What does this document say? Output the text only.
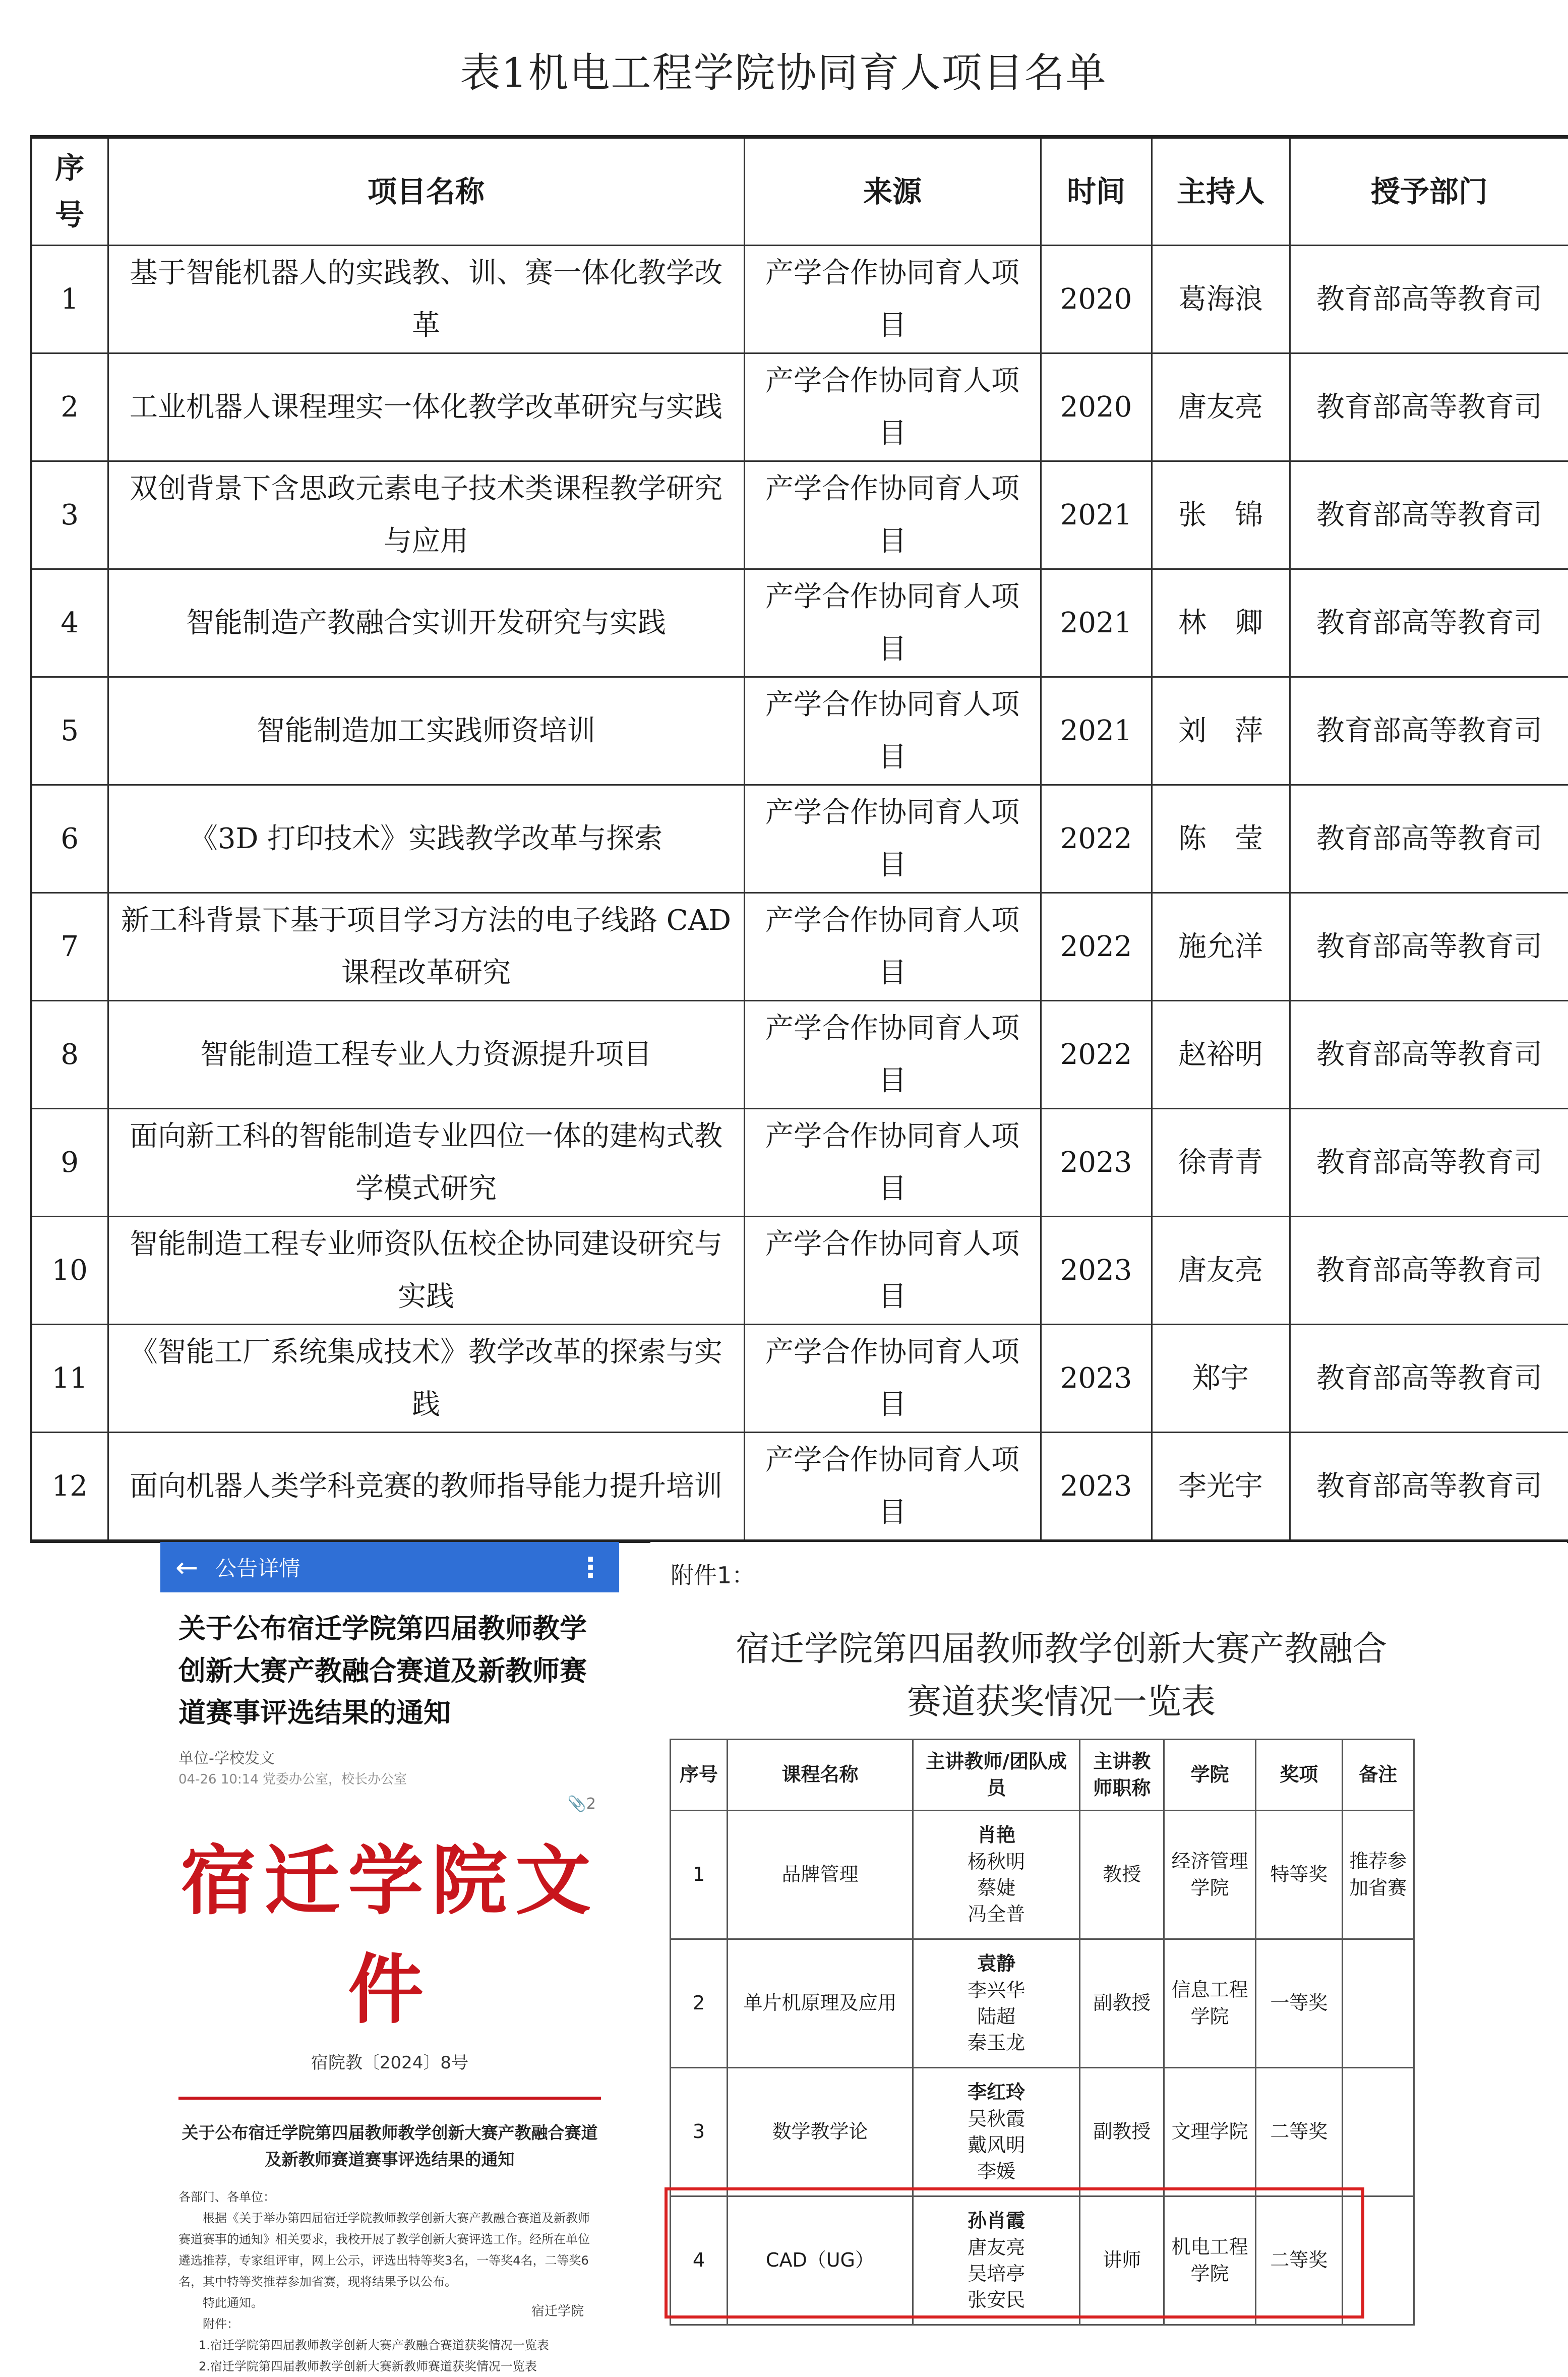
表1机电工程学院协同育人项目名单
序
号	项目名称	来源	时间	主持人	授予部门
1	基于智能机器人的实践教、训、赛一体化教学改革	产学合作协同育人项目	2020	葛海浪	教育部高等教育司
2	工业机器人课程理实一体化教学改革研究与实践	产学合作协同育人项目	2020	唐友亮	教育部高等教育司
3	双创背景下含思政元素电子技术类课程教学研究与应用	产学合作协同育人项目	2021	张　锦	教育部高等教育司
4	智能制造产教融合实训开发研究与实践	产学合作协同育人项目	2021	林　卿	教育部高等教育司
5	智能制造加工实践师资培训	产学合作协同育人项目	2021	刘　萍	教育部高等教育司
6	《3D 打印技术》实践教学改革与探索	产学合作协同育人项目	2022	陈　莹	教育部高等教育司
7	新工科背景下基于项目学习方法的电子线路 CAD 课程改革研究	产学合作协同育人项目	2022	施允洋	教育部高等教育司
8	智能制造工程专业人力资源提升项目	产学合作协同育人项目	2022	赵裕明	教育部高等教育司
9	面向新工科的智能制造专业四位一体的建构式教学模式研究	产学合作协同育人项目	2023	徐青青	教育部高等教育司
10	智能制造工程专业师资队伍校企协同建设研究与实践	产学合作协同育人项目	2023	唐友亮	教育部高等教育司
11	《智能工厂系统集成技术》教学改革的探索与实践	产学合作协同育人项目	2023	郑宇	教育部高等教育司
12	面向机器人类学科竞赛的教师指导能力提升培训	产学合作协同育人项目	2023	李光宇	教育部高等教育司
← 公告详情	⋮
关于公布宿迁学院第四届教师教学创新大赛产教融合赛道及新教师赛道赛事评选结果的通知
单位-学校发文
04-26 10:14 党委办公室，校长办公室
📎2
宿迁学院文件
宿院教〔2024〕8号
关于公布宿迁学院第四届教师教学创新大赛产教融合赛道及新教师赛道赛事评选结果的通知

各部门、各单位：

根据《关于举办第四届宿迁学院教师教学创新大赛产教融合赛道及新教师赛道赛事的通知》相关要求，我校开展了教学创新大赛评选工作。经所在单位遴选推荐，专家组评审，网上公示，评选出特等奖3名，一等奖4名，二等奖6名，其中特等奖推荐参加省赛，现将结果予以公布。

特此通知。

附件：

1.宿迁学院第四届教师教学创新大赛产教融合赛道获奖情况一览表

2.宿迁学院第四届教师教学创新大赛新教师赛道获奖情况一览表

宿迁学院
附件1：
宿迁学院第四届教师教学创新大赛产教融合
赛道获奖情况一览表
序号	课程名称	主讲教师/团队成员	主讲教师职称	学院	奖项	备注
1	品牌管理	肖艳
杨秋明
蔡婕
冯全普	教授	经济管理学院	特等奖	推荐参加省赛
2	单片机原理及应用	袁静
李兴华
陆超
秦玉龙	副教授	信息工程学院	一等奖	
3	数学教学论	李红玲
吴秋霞
戴风明
李媛	副教授	文理学院	二等奖	
4	CAD（UG）	孙肖霞
唐友亮
吴培亭
张安民	讲师	机电工程学院	二等奖	
